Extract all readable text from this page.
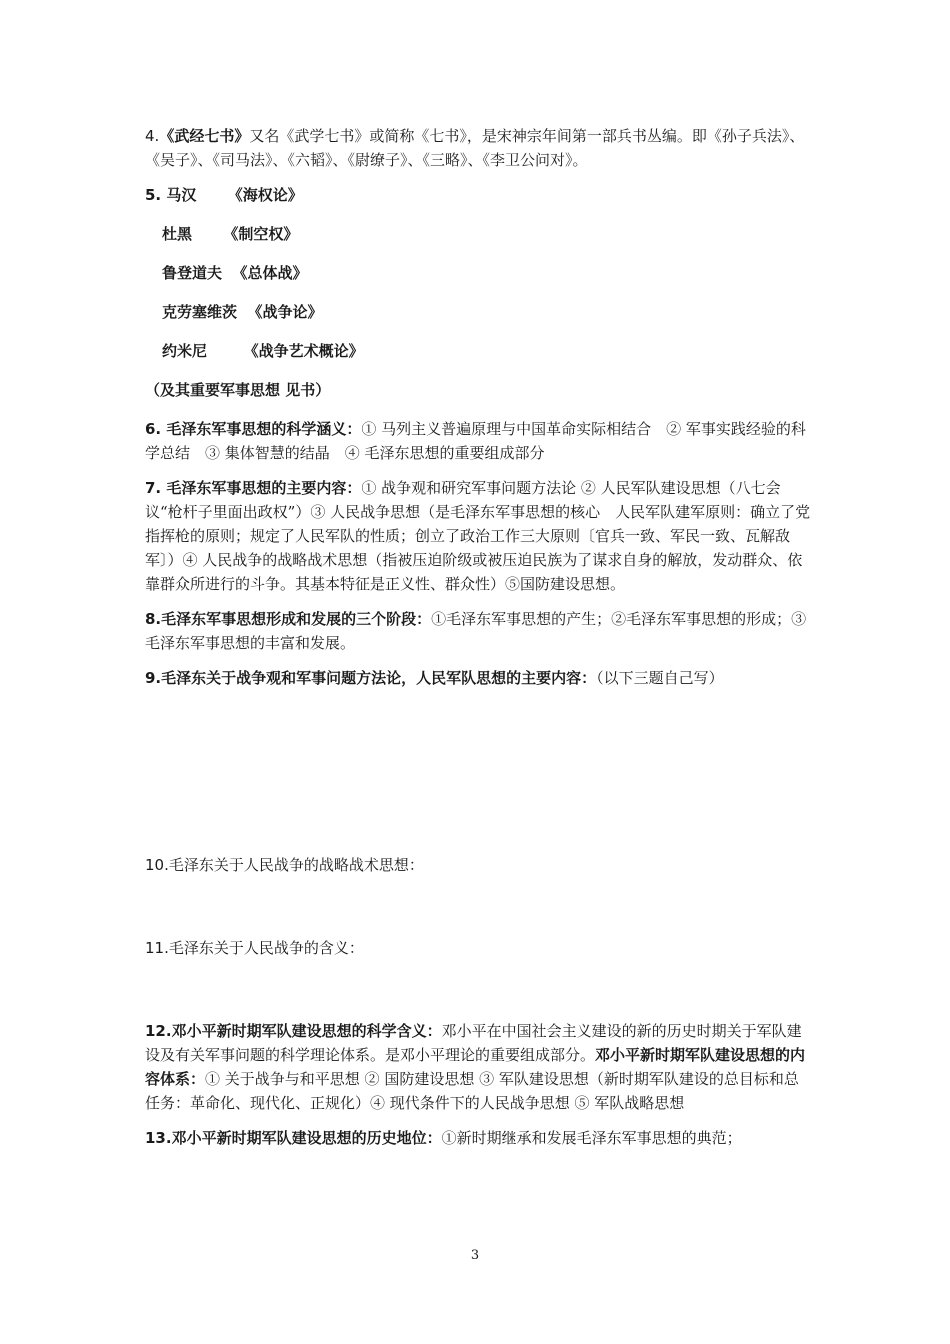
4.《武经七书》又名《武学七书》或简称《七书》，是宋神宗年间第一部兵书丛编。即《孙子兵法》、《吴子》、《司马法》、《六韬》、《尉缭子》、《三略》、《李卫公问对》。

5. 马汉 《海权论》

杜黑 《制空权》

鲁登道夫 《总体战》

克劳塞维茨 《战争论》

约米尼 《战争艺术概论》

（及其重要军事思想 见书）

6. 毛泽东军事思想的科学涵义：① 马列主义普遍原理与中国革命实际相结合　② 军事实践经验的科学总结　③ 集体智慧的结晶　④ 毛泽东思想的重要组成部分

7. 毛泽东军事思想的主要内容：① 战争观和研究军事问题方法论 ② 人民军队建设思想（八七会议“枪杆子里面出政权”）③ 人民战争思想（是毛泽东军事思想的核心　人民军队建军原则：确立了党指挥枪的原则；规定了人民军队的性质；创立了政治工作三大原则〔官兵一致、军民一致、瓦解敌军〕）④ 人民战争的战略战术思想（指被压迫阶级或被压迫民族为了谋求自身的解放，发动群众、依靠群众所进行的斗争。其基本特征是正义性、群众性）⑤国防建设思想。

8.毛泽东军事思想形成和发展的三个阶段：①毛泽东军事思想的产生；②毛泽东军事思想的形成；③毛泽东军事思想的丰富和发展。

9.毛泽东关于战争观和军事问题方法论，人民军队思想的主要内容：（以下三题自己写）

10.毛泽东关于人民战争的战略战术思想：

11.毛泽东关于人民战争的含义：

12.邓小平新时期军队建设思想的科学含义：邓小平在中国社会主义建设的新的历史时期关于军队建设及有关军事问题的科学理论体系。是邓小平理论的重要组成部分。邓小平新时期军队建设思想的内容体系：① 关于战争与和平思想 ② 国防建设思想 ③ 军队建设思想（新时期军队建设的总目标和总任务：革命化、现代化、正规化）④ 现代条件下的人民战争思想 ⑤ 军队战略思想

13.邓小平新时期军队建设思想的历史地位：①新时期继承和发展毛泽东军事思想的典范；

3
